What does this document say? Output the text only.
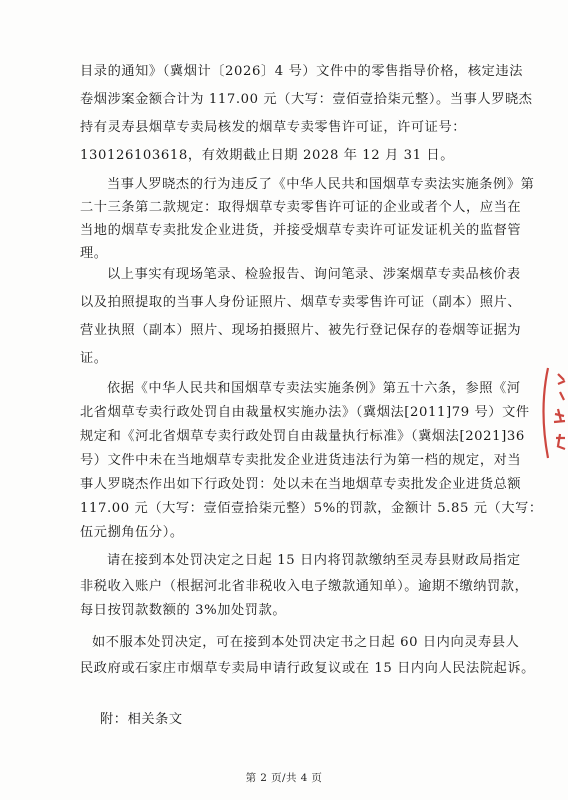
目录的通知》（冀烟计〔2026〕4 号）文件中的零售指导价格，核定违法
卷烟涉案金额合计为 117.00 元（大写：壹佰壹拾柒元整）。当事人罗晓杰
持有灵寿县烟草专卖局核发的烟草专卖零售许可证，许可证号：
130126103618，有效期截止日期 2028 年 12 月 31 日。
当事人罗晓杰的行为违反了《中华人民共和国烟草专卖法实施条例》第
二十三条第二款规定：取得烟草专卖零售许可证的企业或者个人，应当在
当地的烟草专卖批发企业进货，并接受烟草专卖许可证发证机关的监督管
理。
以上事实有现场笔录、检验报告、询问笔录、涉案烟草专卖品核价表
以及拍照提取的当事人身份证照片、烟草专卖零售许可证（副本）照片、
营业执照（副本）照片、现场拍摄照片、被先行登记保存的卷烟等证据为
证。
依据《中华人民共和国烟草专卖法实施条例》第五十六条，参照《河
北省烟草专卖行政处罚自由裁量权实施办法》（冀烟法[2011]79 号）文件
规定和《河北省烟草专卖行政处罚自由裁量执行标准》（冀烟法[2021]36
号）文件中未在当地烟草专卖批发企业进货违法行为第一档的规定，对当
事人罗晓杰作出如下行政处罚：处以未在当地烟草专卖批发企业进货总额
117.00 元（大写：壹佰壹拾柒元整）5%的罚款，金额计 5.85 元（大写：
伍元捌角伍分）。
请在接到本处罚决定之日起 15 日内将罚款缴纳至灵寿县财政局指定
非税收入账户（根据河北省非税收入电子缴款通知单）。逾期不缴纳罚款，
每日按罚款数额的 3%加处罚款。
附：相关条文
第 2 页/共 4 页
如不服本处罚决定，可在接到本处罚决定书之日起 60 日内向灵寿县人
民政府或石家庄市烟草专卖局申请行政复议或在 15 日内向人民法院起诉。
